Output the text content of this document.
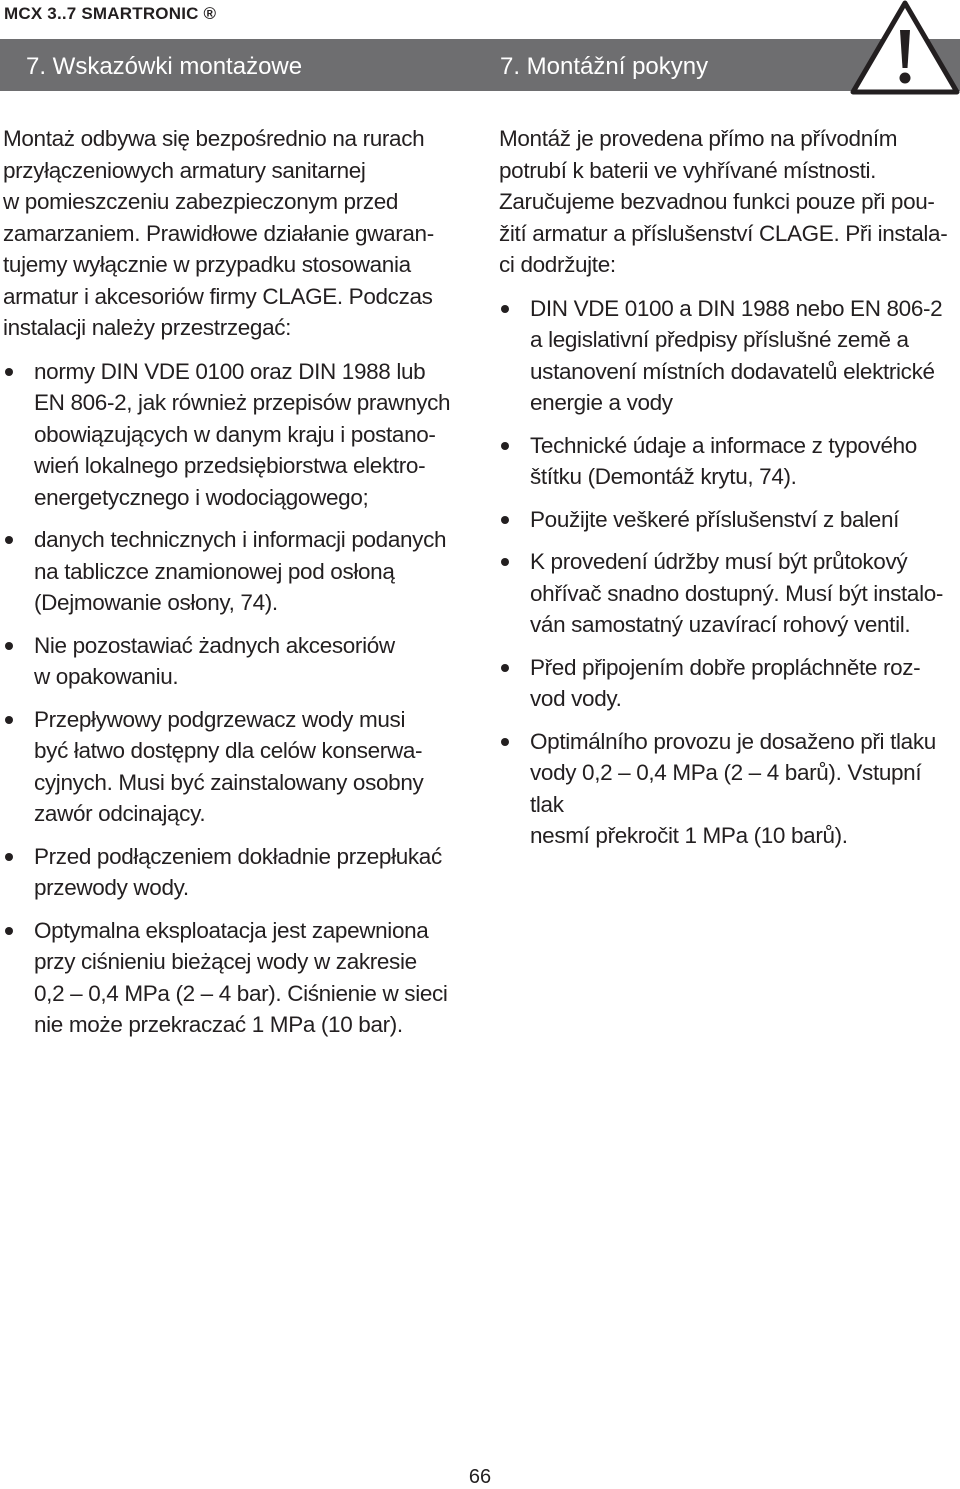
MCX 3..7 SMARTRONIC ®
7. Wskazówki montażowe	7. Montážní pokyny

Montaż odbywa się bezpośrednio na rurach
przyłączeniowych armatury sanitarnej
w pomieszczeniu zabezpieczonym przed
zamarzaniem. Prawidłowe działanie gwaran-
tujemy wyłącznie w przypadku stosowania
armatur i akcesoriów firmy CLAGE. Podczas
instalacji należy przestrzegać:

normy DIN VDE 0100 oraz DIN 1988 lub
EN 806-2, jak również przepisów prawnych
obowiązujących w danym kraju i postano-
wień lokalnego przedsiębiorstwa elektro-
energetycznego i wodociągowego;
danych technicznych i informacji podanych
na tabliczce znamionowej pod osłoną
(Dejmowanie osłony, 74).
Nie pozostawiać żadnych akcesoriów
w opakowaniu.
Przepływowy podgrzewacz wody musi
być łatwo dostępny dla celów konserwa-
cyjnych. Musi być zainstalowany osobny
zawór odcinający.
Przed podłączeniem dokładnie przepłukać
przewody wody.
Optymalna eksploatacja jest zapewniona
przy ciśnieniu bieżącej wody w zakresie
0,2 – 0,4 MPa (2 – 4 bar). Ciśnienie w sieci
nie może przekraczać 1 MPa (10 bar).

Montáž je provedena přímo na přívodním
potrubí k baterii ve vyhřívané místnosti.
Zaručujeme bezvadnou funkci pouze při pou-
žití armatur a příslušenství CLAGE. Při instala-
ci dodržujte:

DIN VDE 0100 a DIN 1988 nebo EN 806-2
a legislativní předpisy příslušné země a
ustanovení místních dodavatelů elektrické
energie a vody
Technické údaje a informace z typového
štítku (Demontáž krytu, 74).
Použijte veškeré příslušenství z balení
K provedení údržby musí být průtokový
ohřívač snadno dostupný. Musí být instalo-
ván samostatný uzavírací rohový ventil.
Před připojením dobře propláchněte roz-
vod vody.
Optimálního provozu je dosaženo při tlaku
vody 0,2 – 0,4 MPa (2 – 4 barů). Vstupní tlak
nesmí překročit 1 MPa (10 barů).
66
